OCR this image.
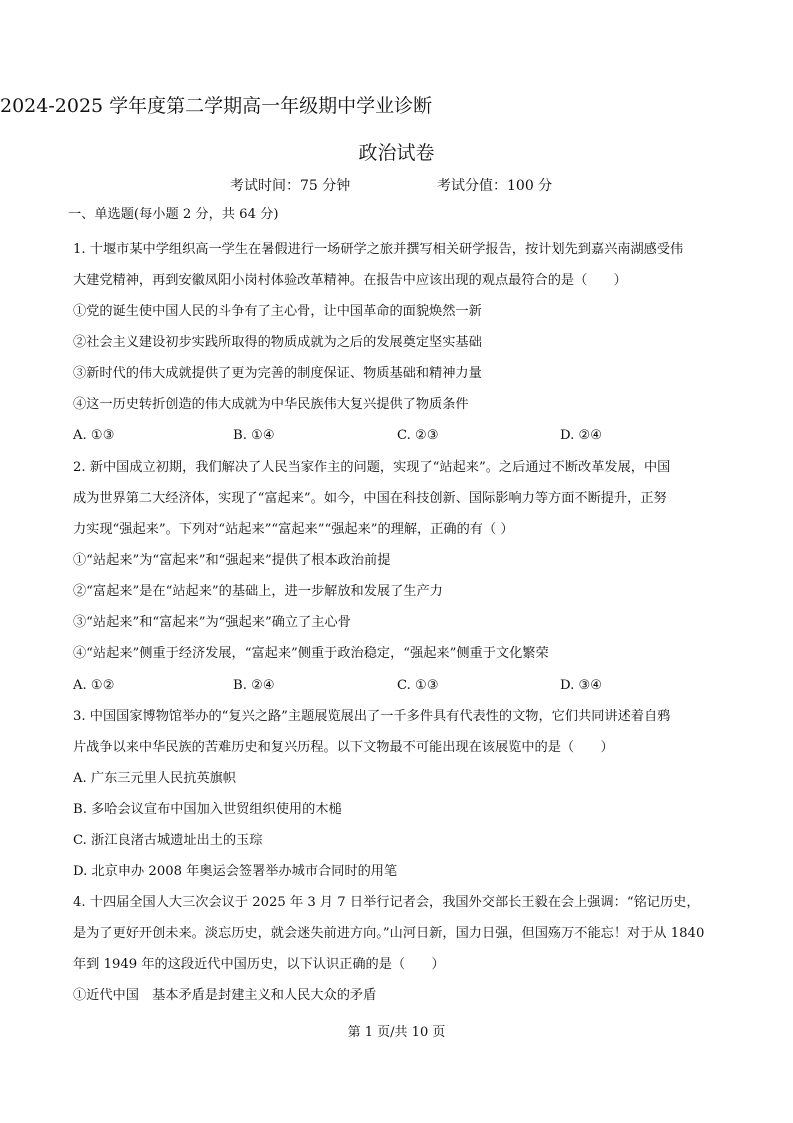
2024-2025 学年度第二学期高一年级期中学业诊断
政治试卷
考试时间：75 分钟	考试分值：100 分
一、单选题(每小题 2 分，共 64 分)
1. 十堰市某中学组织高一学生在暑假进行一场研学之旅并撰写相关研学报告，按计划先到嘉兴南湖感受伟
大建党精神，再到安徽凤阳小岗村体验改革精神。在报告中应该出现的观点最符合的是（　　）
①党的诞生使中国人民的斗争有了主心骨，让中国革命的面貌焕然一新
②社会主义建设初步实践所取得的物质成就为之后的发展奠定坚实基础
③新时代的伟大成就提供了更为完善的制度保证、物质基础和精神力量
④这一历史转折创造的伟大成就为中华民族伟大复兴提供了物质条件
A. ①③	B. ①④	C. ②③	D. ②④
2. 新中国成立初期，我们解决了人民当家作主的问题，实现了“站起来”。之后通过不断改革发展，中国
成为世界第二大经济体，实现了“富起来”。如今，中国在科技创新、国际影响力等方面不断提升，正努
力实现“强起来”。下列对“站起来”“富起来”“强起来”的理解，正确的有（ ）
①“站起来”为“富起来”和“强起来”提供了根本政治前提
②“富起来”是在“站起来”的基础上，进一步解放和发展了生产力
③“站起来”和“富起来”为“强起来”确立了主心骨
④“站起来”侧重于经济发展，“富起来”侧重于政治稳定，“强起来”侧重于文化繁荣
A. ①②	B. ②④	C. ①③	D. ③④
3. 中国国家博物馆举办的“复兴之路”主题展览展出了一千多件具有代表性的文物，它们共同讲述着自鸦
片战争以来中华民族的苦难历史和复兴历程。以下文物最不可能出现在该展览中的是（　　）
A. 广东三元里人民抗英旗帜
B. 多哈会议宣布中国加入世贸组织使用的木槌
C. 浙江良渚古城遗址出土的玉琮
D. 北京申办 2008 年奥运会签署举办城市合同时的用笔
4. 十四届全国人大三次会议于 2025 年 3 月 7 日举行记者会，我国外交部长王毅在会上强调：“铭记历史，
是为了更好开创未来。淡忘历史，就会迷失前进方向。”山河日新，国力日强，但国殇万不能忘！对于从 1840
年到 1949 年的这段近代中国历史，以下认识正确的是（　　）
①近代中国　基本矛盾是封建主义和人民大众的矛盾
第 1 页/共 10 页
